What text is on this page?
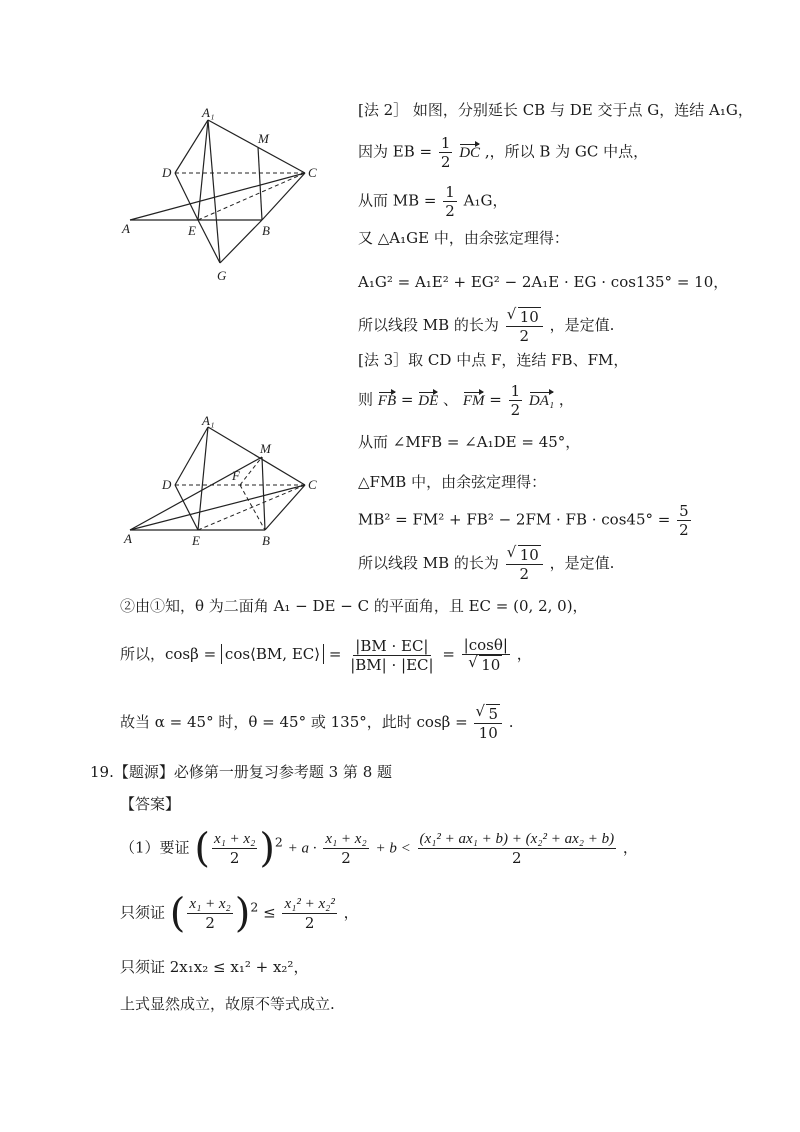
A₁
M
D	C
A	E	B
G
A₁
M
F
D	C
A	E	B
[法 2］ 如图，分别延长 CB 与 DE 交于点 G，连结 A₁G，
因为 EB = $\frac{1}{2}$ DC ,，所以 B 为 GC 中点，
从而 MB = $\frac{1}{2} A_1G$，
又 △A₁GE 中，由余弦定理得：
A₁G² = A₁E² + EG² − 2A₁E · EG · cos135° = 10，
所以线段 MB 的长为 √ $\frac{10}{2}$ ，是定值.
[法 3］取 CD 中点 F，连结 FB、FM，
则 FB = DE 、 FM = $\frac{1}{2} DA_1$ ，
从而 ∠MFB = ∠A₁DE = 45°，
△FMB 中，由余弦定理得：
MB² = FM² + FB² − 2FM · FB · $\cos 45^\circ = \frac{5}{2}$
所以线段 MB 的长为 √ $\frac{10}{2}$ ，是定值.
②由①知，θ 为二面角 A₁ − DE − C 的平面角，且 EC = (0, 2, 0)，
所以，cosβ = cos⟨BM, EC⟩ = $\frac{|BM \cdot EC|}{|BM| \cdot |EC|} = |\cos\theta|$
√ 10 ，
故当 α = 45° 时，θ = 45° 或 135°，此时 cosβ = √ $\frac{5}{10}$ .
19.【题源】必修第一册复习参考题 3 第 8 题
【答案】
（1）要证 ( $\frac{\text{x₁ + x₂}}{2} )^2 + a \cdot \frac{\text{x₁ + x₂}}{2} + b < \frac{\text{(x₁² + ax₁ + b) + (x₂² + ax₂ + b)}}{2}$ ，
只须证 ( $\frac{\text{x₁ + x₂}}{2} )^2 \le \frac{\text{x₁² + x₂²}}{2}$ ，
只须证 2x₁x₂ ≤ x₁² + x₂²，
上式显然成立，故原不等式成立.
